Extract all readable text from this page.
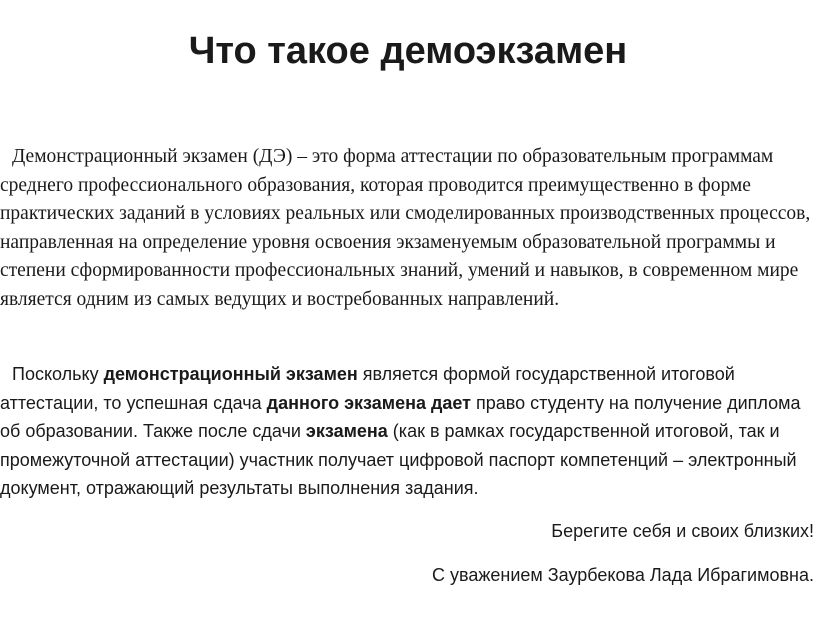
Что такое демоэкзамен

Демонстрационный экзамен (ДЭ) – это форма аттестации по образовательным программам среднего профессионального образования, которая проводится преимущественно в форме практических заданий в условиях реальных или смоделированных производственных процессов, направленная на определение уровня освоения экзаменуемым образовательной программы и степени сформированности профессиональных знаний, умений и навыков, в современном мире является одним из самых ведущих и востребованных направлений.

Поскольку демонстрационный экзамен является формой государственной итоговой аттестации, то успешная сдача данного экзамена дает право студенту на получение диплома об образовании. Также после сдачи экзамена (как в рамках государственной итоговой, так и промежуточной аттестации) участник получает цифровой паспорт компетенций – электронный документ, отражающий результаты выполнения задания.

Берегите себя и своих близких!

С уважением Заурбекова Лада Ибрагимовна.
